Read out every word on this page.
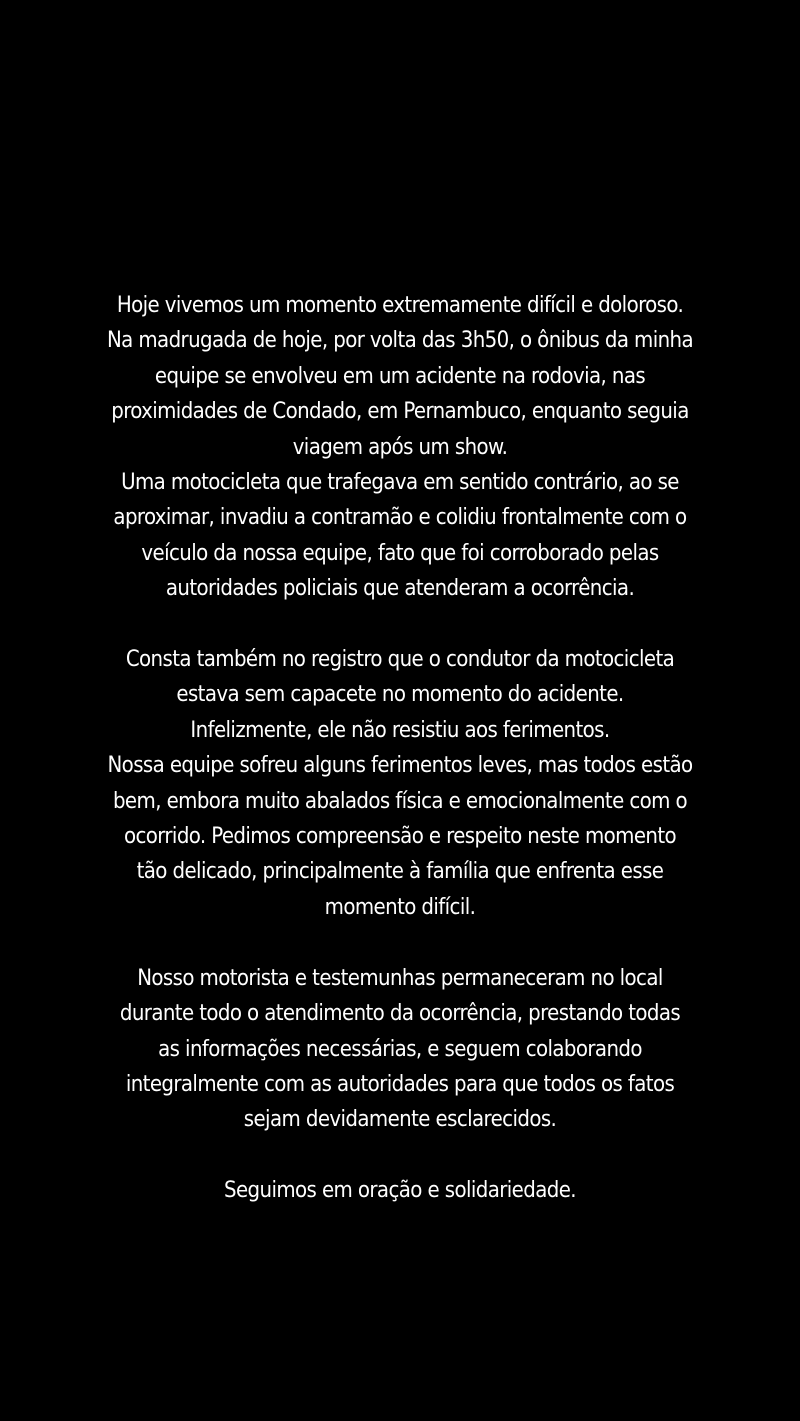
Hoje vivemos um momento extremamente difícil e doloroso.
Na madrugada de hoje, por volta das 3h50, o ônibus da minha
equipe se envolveu em um acidente na rodovia, nas
proximidades de Condado, em Pernambuco, enquanto seguia
viagem após um show.
Uma motocicleta que trafegava em sentido contrário, ao se
aproximar, invadiu a contramão e colidiu frontalmente com o
veículo da nossa equipe, fato que foi corroborado pelas
autoridades policiais que atenderam a ocorrência.

Consta também no registro que o condutor da motocicleta
estava sem capacete no momento do acidente.
Infelizmente, ele não resistiu aos ferimentos.
Nossa equipe sofreu alguns ferimentos leves, mas todos estão
bem, embora muito abalados física e emocionalmente com o
ocorrido. Pedimos compreensão e respeito neste momento
tão delicado, principalmente à família que enfrenta esse
momento difícil.

Nosso motorista e testemunhas permaneceram no local
durante todo o atendimento da ocorrência, prestando todas
as informações necessárias, e seguem colaborando
integralmente com as autoridades para que todos os fatos
sejam devidamente esclarecidos.

Seguimos em oração e solidariedade.
